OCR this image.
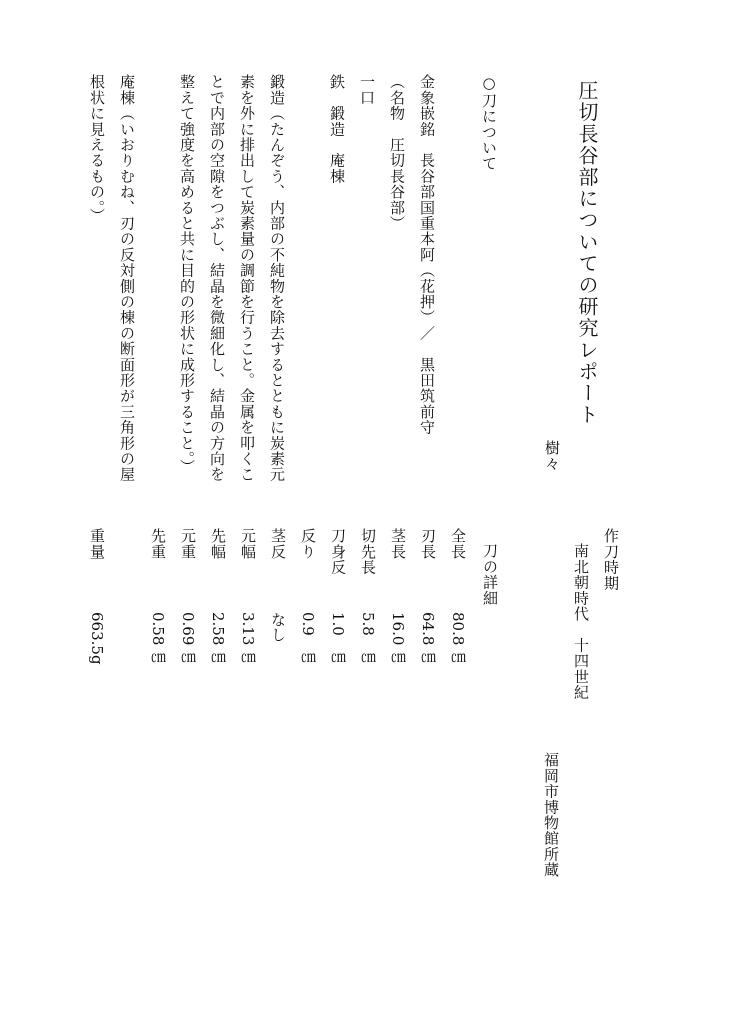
圧切長谷部についての研究レポート
樹々
○刀について
金象嵌銘　長谷部国重本阿（花押）／　黒田筑前守
（名物　圧切長谷部）
一口
鉄　鍛造　庵棟
鍛造（たんぞう、内部の不純物を除去するとともに炭素元
素を外に排出して炭素量の調節を行うこと。金属を叩くこ
とで内部の空隙をつぶし、結晶を微細化し、結晶の方向を
整えて強度を高めると共に目的の形状に成形すること。）
庵棟（いおりむね、刃の反対側の棟の断面形が三角形の屋
根状に見えるもの。）
作刀時期
南北朝時代　十四世紀
福岡市博物館所蔵
刀の詳細
全長
80.8
㎝
刃長
64.8
㎝
茎長
16.0
㎝
切先長
5.8
㎝
刀身反
1.0
㎝
反り
0.9
㎝
茎反
なし
元幅
3.13
㎝
先幅
2.58
㎝
元重
0.69
㎝
先重
0.58
㎝
重量
663.5g
